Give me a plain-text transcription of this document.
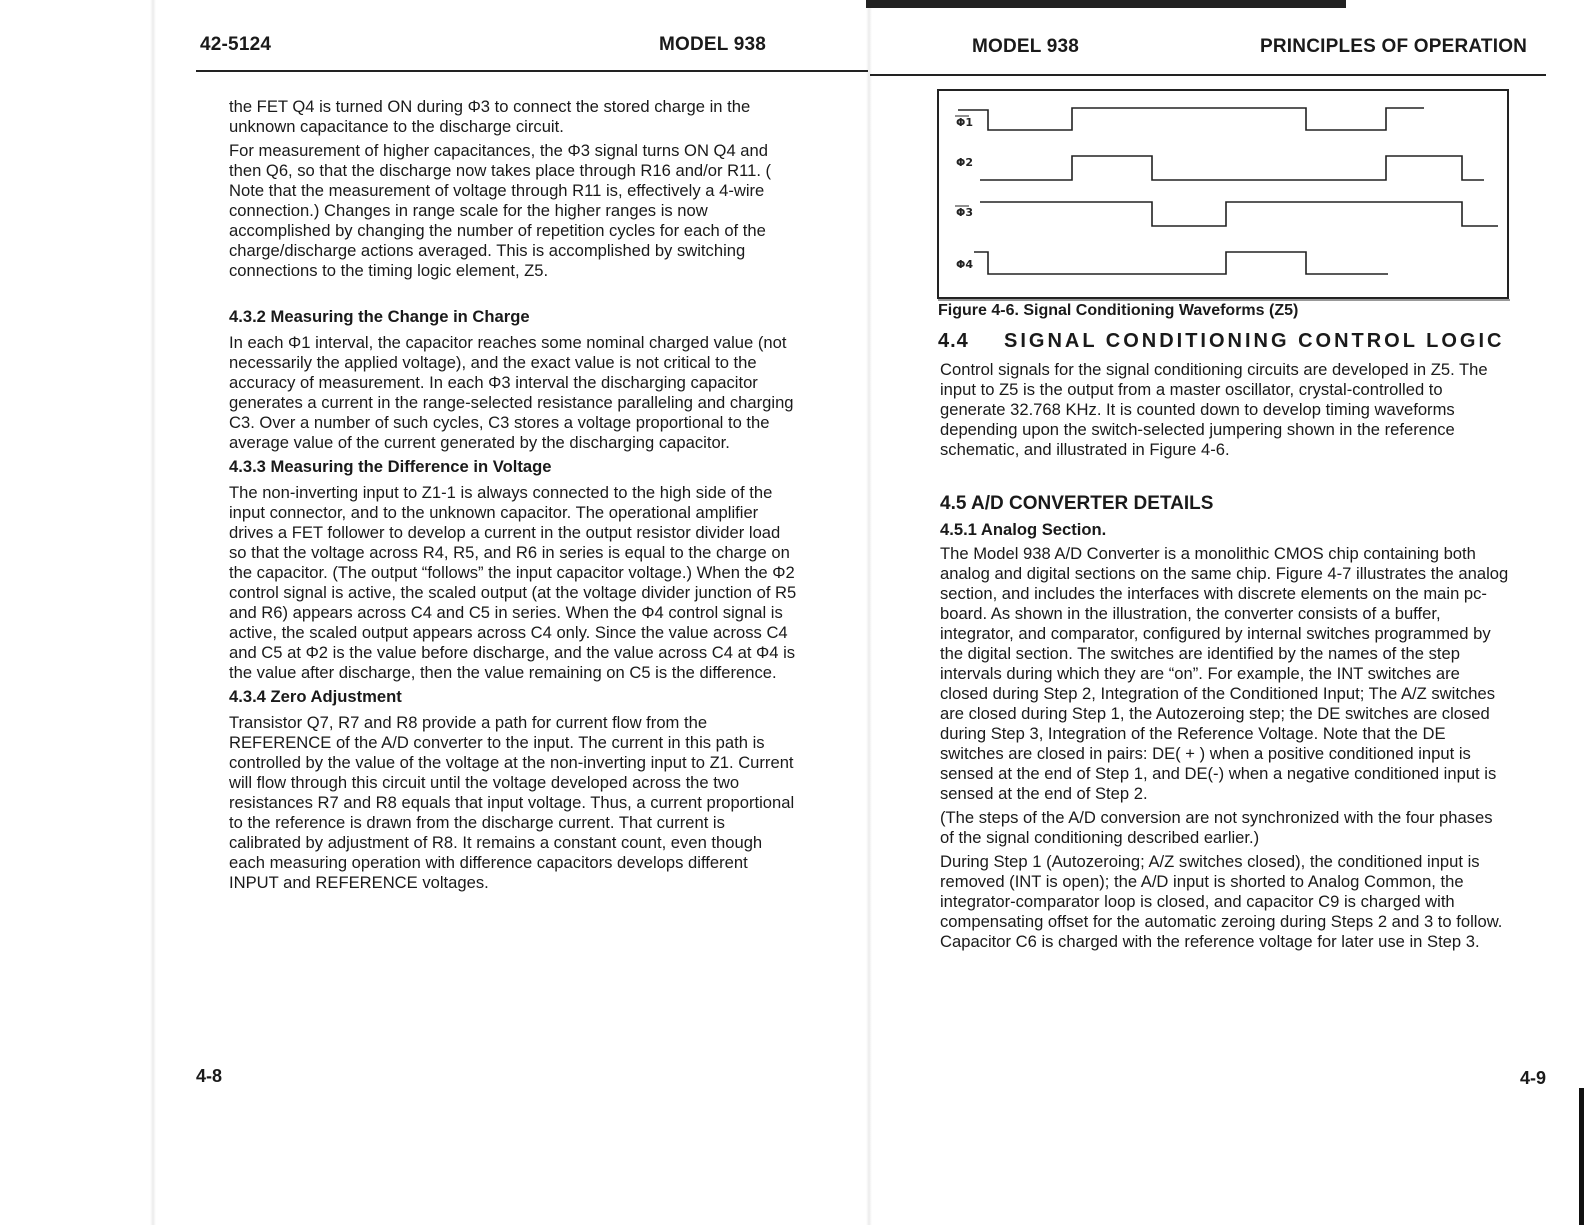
42-5124	MODEL 938

the FET Q4 is turned ON during Φ3 to connect the stored charge in the unknown capacitance to the discharge circuit.

For measurement of higher capacitances, the Φ3 signal turns ON Q4 and then Q6, so that the discharge now takes place through R16 and/or R11. ( Note that the measurement of voltage through R11 is, effectively a 4-wire connection.) Changes in range scale for the higher ranges is now accomplished by changing the number of repetition cycles for each of the charge/discharge actions averaged. This is accomplished by switching connections to the timing logic element, Z5.

4.3.2 Measuring the Change in Charge

In each Φ1 interval, the capacitor reaches some nominal charged value (not necessarily the applied voltage), and the exact value is not critical to the accuracy of measurement. In each Φ3 interval the discharging capacitor generates a current in the range-selected resistance paralleling and charging C3. Over a number of such cycles, C3 stores a voltage proportional to the average value of the current generated by the discharging capacitor.

4.3.3 Measuring the Difference in Voltage

The non-inverting input to Z1-1 is always connected to the high side of the input connector, and to the unknown capacitor. The operational amplifier drives a FET follower to develop a current in the output resistor divider load so that the voltage across R4, R5, and R6 in series is equal to the charge on the capacitor. (The output “follows” the input capacitor voltage.) When the Φ2 control signal is active, the scaled output (at the voltage divider junction of R5 and R6) appears across C4 and C5 in series. When the Φ4 control signal is active, the scaled output appears across C4 only. Since the value across C4 and C5 at Φ2 is the value before discharge, and the value across C4 at Φ4 is the value after discharge, then the value remaining on C5 is the difference.

4.3.4 Zero Adjustment

Transistor Q7, R7 and R8 provide a path for current flow from the REFERENCE of the A/D converter to the input. The current in this path is controlled by the value of the voltage at the non-inverting input to Z1. Current will flow through this circuit until the voltage developed across the two resistances R7 and R8 equals that input voltage. Thus, a current proportional to the reference is drawn from the discharge current. That current is calibrated by adjustment of R8. It remains a constant count, even though each measuring operation with difference capacitors develops different INPUT and REFERENCE voltages.

4-8
MODEL 938	PRINCIPLES OF OPERATION
Φ1
Φ2
Φ3
Φ4
Figure 4-6. Signal Conditioning Waveforms (Z5)
4.4 SIGNAL CONDITIONING CONTROL LOGIC

Control signals for the signal conditioning circuits are developed in Z5. The input to Z5 is the output from a master oscillator, crystal-controlled to generate 32.768 KHz. It is counted down to develop timing waveforms depending upon the switch-selected jumpering shown in the reference schematic, and illustrated in Figure 4-6.

4.5 A/D CONVERTER DETAILS
4.5.1 Analog Section.

The Model 938 A/D Converter is a monolithic CMOS chip containing both analog and digital sections on the same chip. Figure 4-7 illustrates the analog section, and includes the interfaces with discrete elements on the main pc-board. As shown in the illustration, the converter consists of a buffer, integrator, and comparator, configured by internal switches programmed by the digital section. The switches are identified by the names of the step intervals during which they are “on”. For example, the INT switches are closed during Step 2, Integration of the Conditioned Input; The A/Z switches are closed during Step 1, the Autozeroing step; the DE switches are closed during Step 3, Integration of the Reference Voltage. Note that the DE switches are closed in pairs: DE( + ) when a positive conditioned input is sensed at the end of Step 1, and DE(-) when a negative conditioned input is sensed at the end of Step 2.

(The steps of the A/D conversion are not synchronized with the four phases of the signal conditioning described earlier.)

During Step 1 (Autozeroing; A/Z switches closed), the conditioned input is removed (INT is open); the A/D input is shorted to Analog Common, the integrator-comparator loop is closed, and capacitor C9 is charged with compensating offset for the automatic zeroing during Steps 2 and 3 to follow. Capacitor C6 is charged with the reference voltage for later use in Step 3.

4-9
